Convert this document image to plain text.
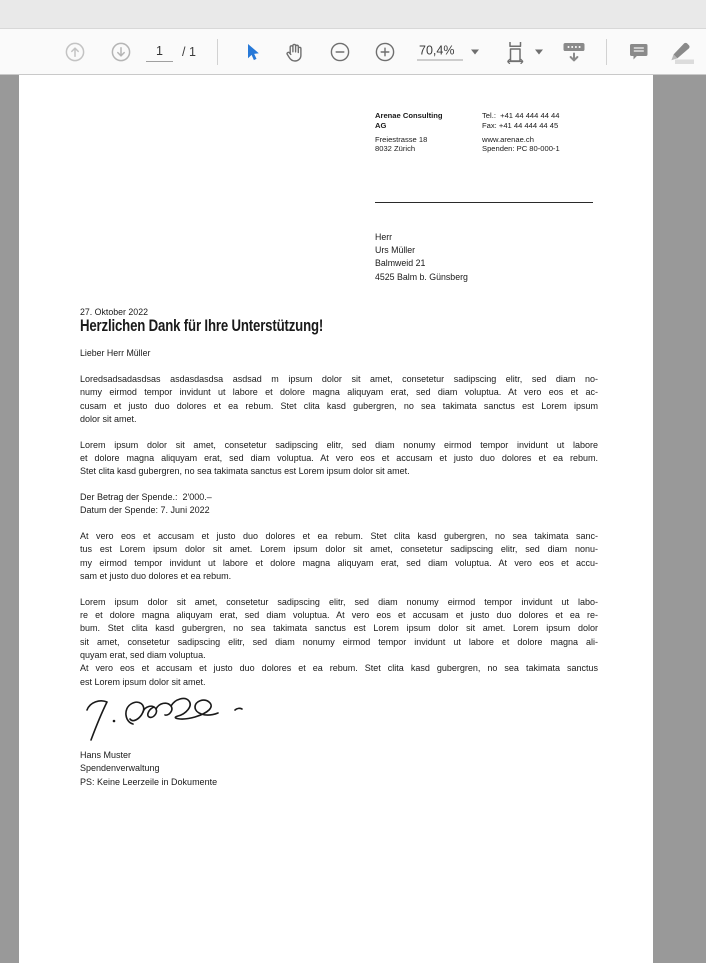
1
/ 1	70,4%
Arenae Consulting AG
Freiestrasse 18
8032 Zürich
Tel.:  +41 44 444 44 44
Fax: +41 44 444 44 45
www.arenae.ch
Spenden: PC 80-000-1
Herr
Urs Müller
Balmweid 21
4525 Balm b. Günsberg
27. Oktober 2022
Herzlichen Dank für Ihre Unterstützung!
Lieber Herr Müller
Loredsadsadasdsas asdasdasdsa asdsad m ipsum dolor sit amet, consetetur sadipscing elitr, sed diam no-
numy eirmod tempor invidunt ut labore et dolore magna aliquyam erat, sed diam voluptua. At vero eos et ac-
cusam et justo duo dolores et ea rebum. Stet clita kasd gubergren, no sea takimata sanctus est Lorem ipsum
dolor sit amet.
Lorem ipsum dolor sit amet, consetetur sadipscing elitr, sed diam nonumy eirmod tempor invidunt ut labore
et dolore magna aliquyam erat, sed diam voluptua. At vero eos et accusam et justo duo dolores et ea rebum.
Stet clita kasd gubergren, no sea takimata sanctus est Lorem ipsum dolor sit amet.
Der Betrag der Spende.:  2'000.–
Datum der Spende: 7. Juni 2022
At vero eos et accusam et justo duo dolores et ea rebum. Stet clita kasd gubergren, no sea takimata sanc-
tus est Lorem ipsum dolor sit amet. Lorem ipsum dolor sit amet, consetetur sadipscing elitr, sed diam nonu-
my eirmod tempor invidunt ut labore et dolore magna aliquyam erat, sed diam voluptua. At vero eos et accu-
sam et justo duo dolores et ea rebum.
Lorem ipsum dolor sit amet, consetetur sadipscing elitr, sed diam nonumy eirmod tempor invidunt ut labo-
re et dolore magna aliquyam erat, sed diam voluptua. At vero eos et accusam et justo duo dolores et ea re-
bum. Stet clita kasd gubergren, no sea takimata sanctus est Lorem ipsum dolor sit amet. Lorem ipsum dolor
sit amet, consetetur sadipscing elitr, sed diam nonumy eirmod tempor invidunt ut labore et dolore magna ali-
quyam erat, sed diam voluptua.
At vero eos et accusam et justo duo dolores et ea rebum. Stet clita kasd gubergren, no sea takimata sanctus
est Lorem ipsum dolor sit amet.
Hans Muster
Spendenverwaltung
PS: Keine Leerzeile in Dokumente
